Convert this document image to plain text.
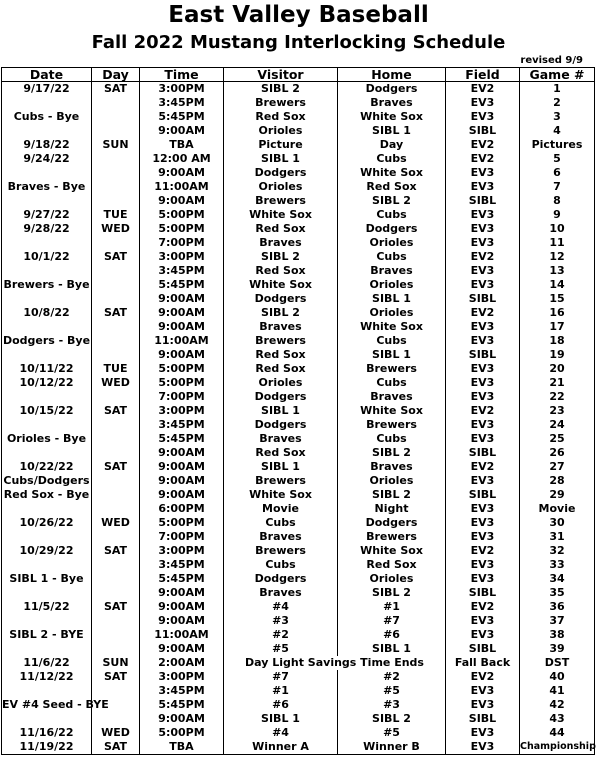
East Valley Baseball
Fall 2022 Mustang Interlocking Schedule
revised 9/9
Date	Day	Time	Visitor	Home	Field	Game #
9/17/22	SAT	3:00PM	SIBL 2	Dodgers	EV2	1
		3:45PM	Brewers	Braves	EV3	2
Cubs - Bye		5:45PM	Red Sox	White Sox	EV3	3
		9:00AM	Orioles	SIBL 1	SIBL	4
9/18/22	SUN	TBA	Picture	Day	EV2	Pictures
9/24/22		12:00 AM	SIBL 1	Cubs	EV2	5
		9:00AM	Dodgers	White Sox	EV3	6
Braves - Bye		11:00AM	Orioles	Red Sox	EV3	7
		9:00AM	Brewers	SIBL 2	SIBL	8
9/27/22	TUE	5:00PM	White Sox	Cubs	EV3	9
9/28/22	WED	5:00PM	Red Sox	Dodgers	EV3	10
		7:00PM	Braves	Orioles	EV3	11
10/1/22	SAT	3:00PM	SIBL 2	Cubs	EV2	12
		3:45PM	Red Sox	Braves	EV3	13
Brewers - Bye		5:45PM	White Sox	Orioles	EV3	14
		9:00AM	Dodgers	SIBL 1	SIBL	15
10/8/22	SAT	9:00AM	SIBL 2	Orioles	EV2	16
		9:00AM	Braves	White Sox	EV3	17
Dodgers - Bye		11:00AM	Brewers	Cubs	EV3	18
		9:00AM	Red Sox	SIBL 1	SIBL	19
10/11/22	TUE	5:00PM	Red Sox	Brewers	EV3	20
10/12/22	WED	5:00PM	Orioles	Cubs	EV3	21
		7:00PM	Dodgers	Braves	EV3	22
10/15/22	SAT	3:00PM	SIBL 1	White Sox	EV2	23
		3:45PM	Dodgers	Brewers	EV3	24
Orioles - Bye		5:45PM	Braves	Cubs	EV3	25
		9:00AM	Red Sox	SIBL 2	SIBL	26
10/22/22	SAT	9:00AM	SIBL 1	Braves	EV2	27
Cubs/Dodgers		9:00AM	Brewers	Orioles	EV3	28
Red Sox - Bye		9:00AM	White Sox	SIBL 2	SIBL	29
		6:00PM	Movie	Night	EV3	Movie
10/26/22	WED	5:00PM	Cubs	Dodgers	EV3	30
		7:00PM	Braves	Brewers	EV3	31
10/29/22	SAT	3:00PM	Brewers	White Sox	EV2	32
		3:45PM	Cubs	Red Sox	EV3	33
SIBL 1 - Bye		5:45PM	Dodgers	Orioles	EV3	34
		9:00AM	Braves	SIBL 2	SIBL	35
11/5/22	SAT	9:00AM	#4	#1	EV2	36
		9:00AM	#3	#7	EV3	37
SIBL 2 - BYE		11:00AM	#2	#6	EV3	38
		9:00AM	#5	SIBL 1	SIBL	39
11/6/22	SUN	2:00AM	Day Light Savings Time Ends		Fall Back	DST
11/12/22	SAT	3:00PM	#7	#2	EV2	40
		3:45PM	#1	#5	EV3	41
EV #4 Seed - BYE		5:45PM	#6	#3	EV3	42
		9:00AM	SIBL 1	SIBL 2	SIBL	43
11/16/22	WED	5:00PM	#4	#5	EV3	44
11/19/22	SAT	TBA	Winner A	Winner B	EV3	Championship
